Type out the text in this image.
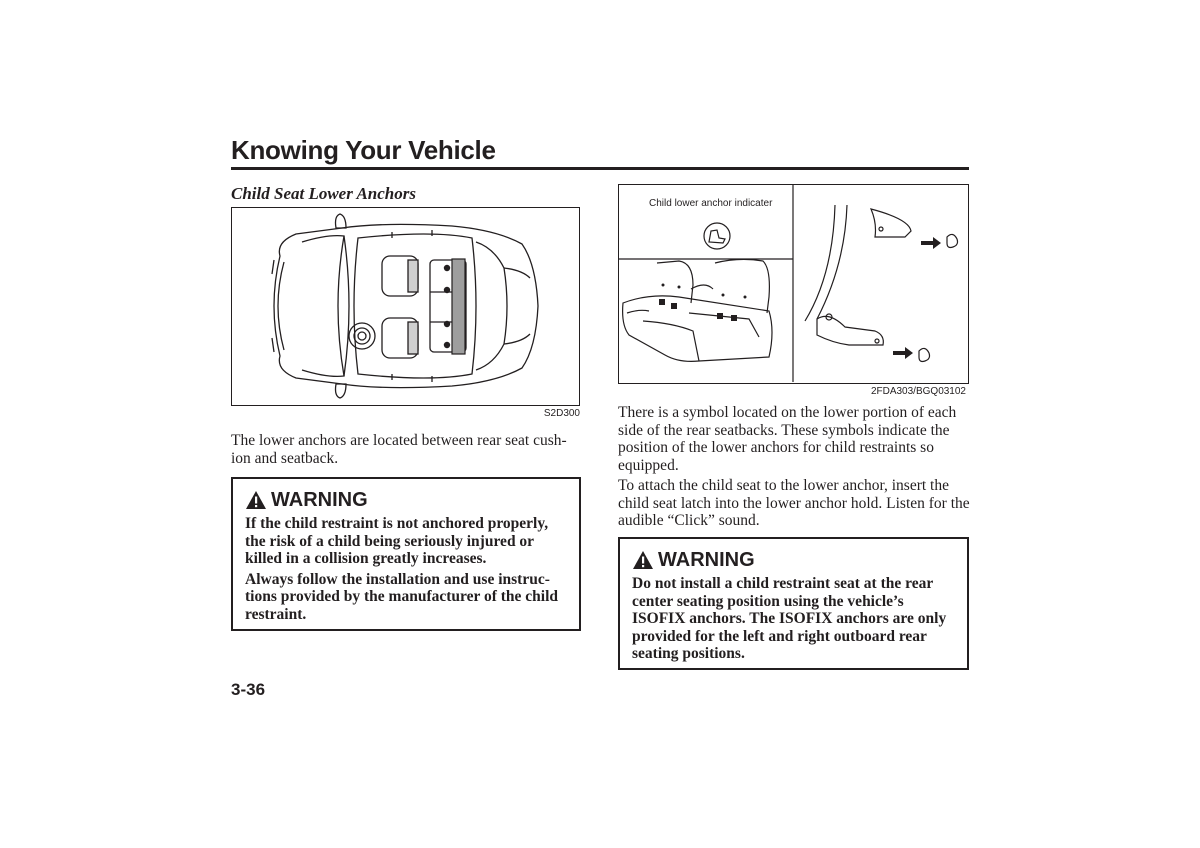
Knowing Your Vehicle
Child Seat Lower Anchors
S2D300

The lower anchors are located between rear seat cush- ion and seatback.

WARNING

If the child restraint is not anchored properly, the risk of a child being seriously injured or killed in a collision greatly increases.

Always follow the installation and use instruc- tions provided by the manufacturer of the child restraint.

3-36
Child lower anchor indicater
2FDA303/BGQ03102

There is a symbol located on the lower portion of each side of the rear seatbacks. These symbols indicate the position of the lower anchors for child restraints so equipped.

To attach the child seat to the lower anchor, insert the child seat latch into the lower anchor hold. Listen for the audible “Click” sound.

WARNING

Do not install a child restraint seat at the rear center seating position using the vehicle’s ISOFIX anchors. The ISOFIX anchors are only provided for the left and right outboard rear seating positions.
